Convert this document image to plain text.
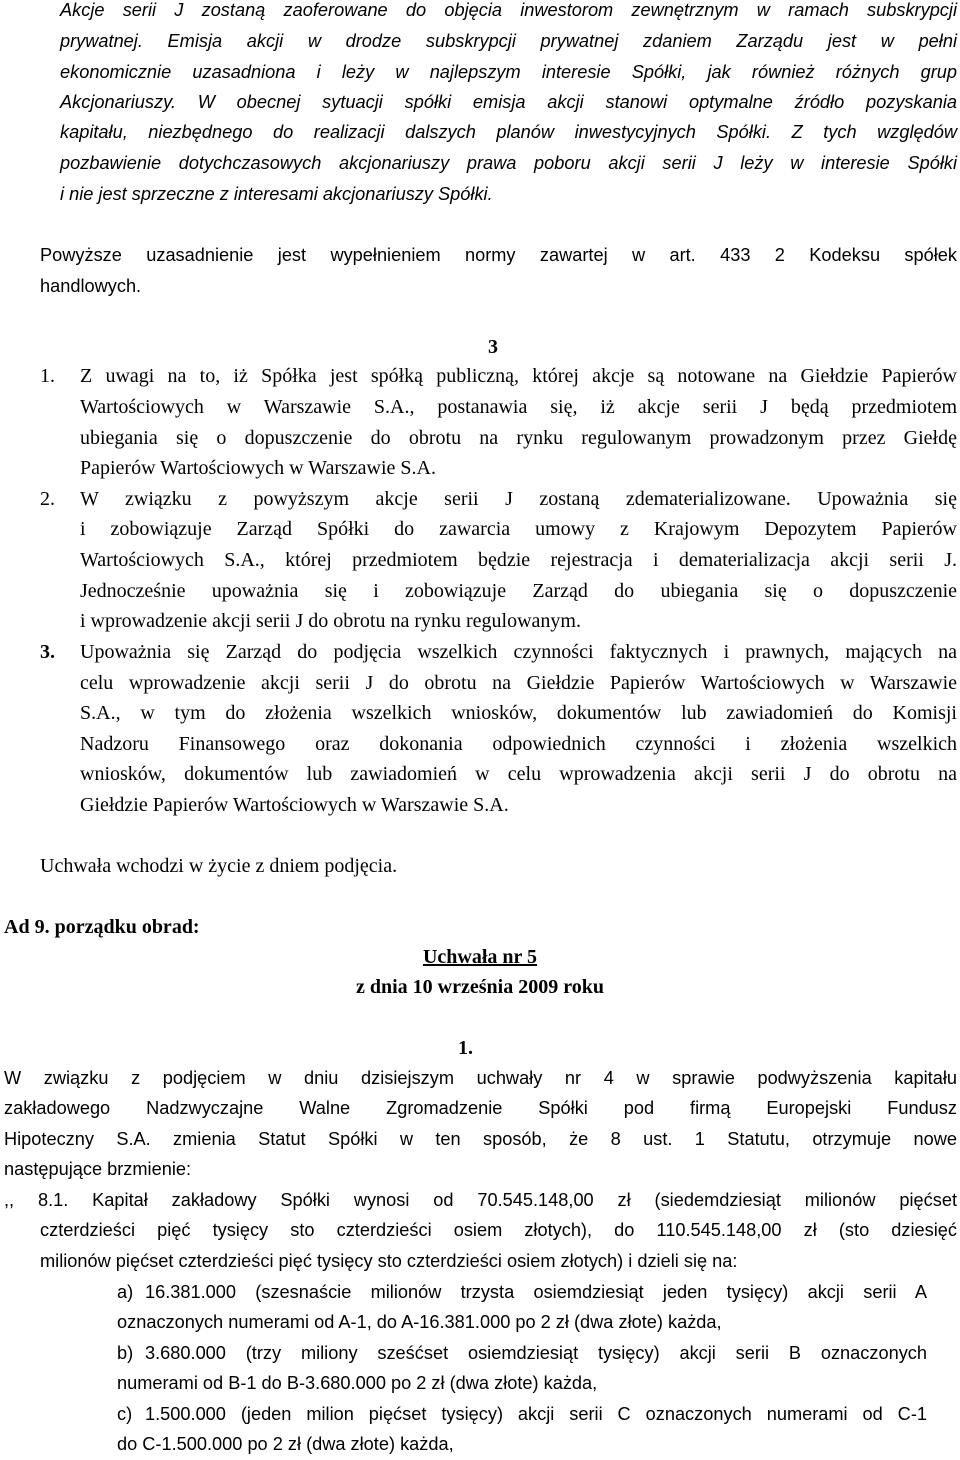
Akcje serii J zostaną zaoferowane do objęcia inwestorom zewnętrznym w ramach subskrypcji
prywatnej. Emisja akcji w drodze subskrypcji prywatnej zdaniem Zarządu jest w pełni
ekonomicznie uzasadniona i leży w najlepszym interesie Spółki, jak również różnych grup
Akcjonariuszy. W obecnej sytuacji spółki emisja akcji stanowi optymalne źródło pozyskania
kapitału, niezbędnego do realizacji dalszych planów inwestycyjnych Spółki. Z tych względów
pozbawienie dotychczasowych akcjonariuszy prawa poboru akcji serii J leży w interesie Spółki
i nie jest sprzeczne z interesami akcjonariuszy Spółki.
Powyższe uzasadnienie jest wypełnieniem normy zawartej w art. 433 2 Kodeksu spółek
handlowych.
3
1. Z uwagi na to, iż Spółka jest spółką publiczną, której akcje są notowane na Giełdzie Papierów
Wartościowych w Warszawie S.A., postanawia się, iż akcje serii J będą przedmiotem
ubiegania się o dopuszczenie do obrotu na rynku regulowanym prowadzonym przez Giełdę
Papierów Wartościowych w Warszawie S.A.
2. W związku z powyższym akcje serii J zostaną zdematerializowane. Upoważnia się
i zobowiązuje Zarząd Spółki do zawarcia umowy z Krajowym Depozytem Papierów
Wartościowych S.A., której przedmiotem będzie rejestracja i dematerializacja akcji serii J.
Jednocześnie upoważnia się i zobowiązuje Zarząd do ubiegania się o dopuszczenie
i wprowadzenie akcji serii J do obrotu na rynku regulowanym.
3. Upoważnia się Zarząd do podjęcia wszelkich czynności faktycznych i prawnych, mających na
celu wprowadzenie akcji serii J do obrotu na Giełdzie Papierów Wartościowych w Warszawie
S.A., w tym do złożenia wszelkich wniosków, dokumentów lub zawiadomień do Komisji
Nadzoru Finansowego oraz dokonania odpowiednich czynności i złożenia wszelkich
wniosków, dokumentów lub zawiadomień w celu wprowadzenia akcji serii J do obrotu na
Giełdzie Papierów Wartościowych w Warszawie S.A.
Uchwała wchodzi w życie z dniem podjęcia.
Ad 9. porządku obrad:
Uchwała nr 5
z dnia 10 września 2009 roku
1.
W związku z podjęciem w dniu dzisiejszym uchwały nr 4 w sprawie podwyższenia kapitału
zakładowego Nadzwyczajne Walne Zgromadzenie Spółki pod firmą Europejski Fundusz
Hipoteczny S.A. zmienia Statut Spółki w ten sposób, że 8 ust. 1 Statutu, otrzymuje nowe
następujące brzmienie:
,, 8.1. Kapitał zakładowy Spółki wynosi od 70.545.148,00 zł (siedemdziesiąt milionów pięćset
czterdzieści pięć tysięcy sto czterdzieści osiem złotych), do 110.545.148,00 zł (sto dziesięć
milionów pięćset czterdzieści pięć tysięcy sto czterdzieści osiem złotych) i dzieli się na:
a) 16.381.000 (szesnaście milionów trzysta osiemdziesiąt jeden tysięcy) akcji serii A
oznaczonych numerami od A-1, do A-16.381.000 po 2 zł (dwa złote) każda,
b) 3.680.000 (trzy miliony sześćset osiemdziesiąt tysięcy) akcji serii B oznaczonych
numerami od B-1 do B-3.680.000 po 2 zł (dwa złote) każda,
c) 1.500.000 (jeden milion pięćset tysięcy) akcji serii C oznaczonych numerami od C-1
do C-1.500.000 po 2 zł (dwa złote) każda,
